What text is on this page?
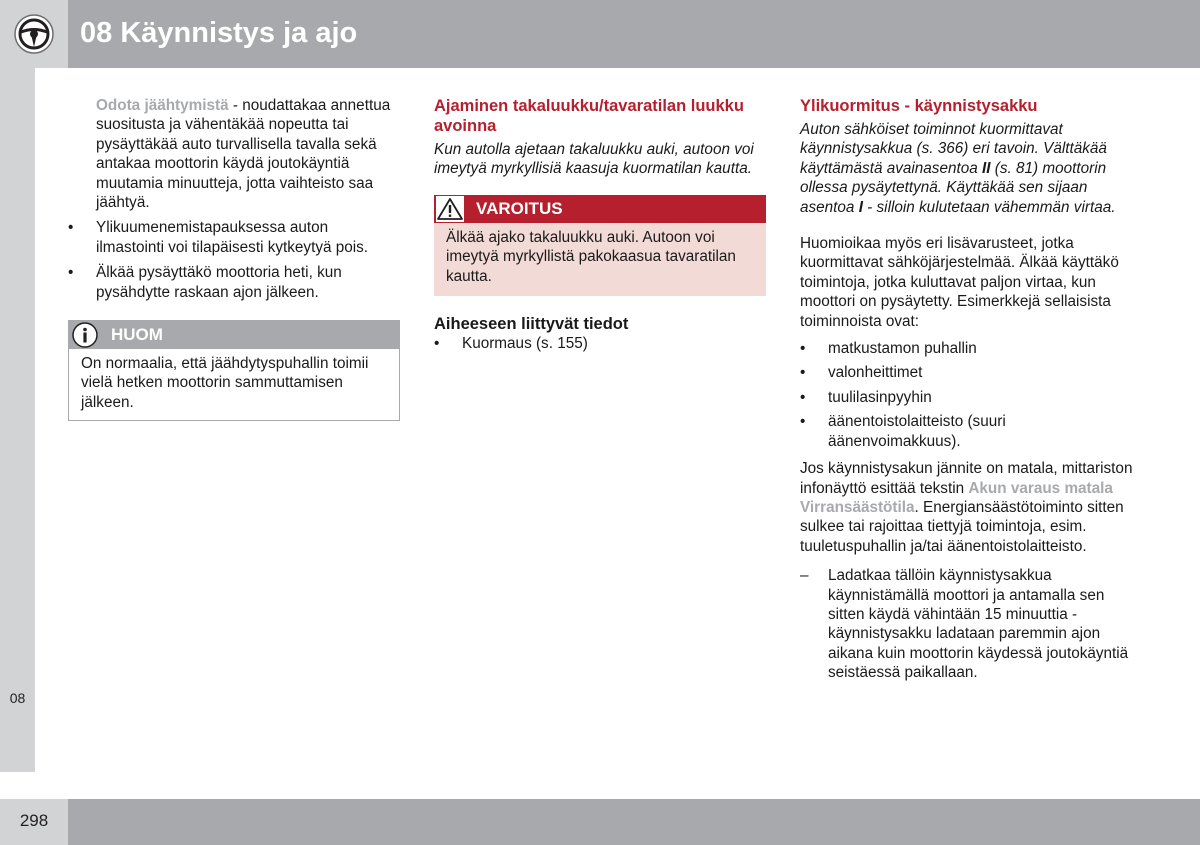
08 Käynnistys ja ajo
08
298

Odota jäähtymistä - noudattakaa annettua suositusta ja vähentäkää nopeutta tai pysäyttäkää auto turvallisella tavalla sekä antakaa moottorin käydä joutokäyntiä muutamia minuutteja, jotta vaihteisto saa jäähtyä.

•	Ylikuumenemistapauksessa auton ilmastointi voi tilapäisesti kytkeytyä pois.
•	Älkää pysäyttäkö moottoria heti, kun pysähdytte raskaan ajon jälkeen.
HUOM
On normaalia, että jäähdytyspuhallin toimii vielä hetken moottorin sammuttamisen jälkeen.

Ajaminen takaluukku/tavaratilan luukku avoinna

Kun autolla ajetaan takaluukku auki, autoon voi imeytyä myrkyllisiä kaasuja kuormatilan kautta.

VAROITUS
Älkää ajako takaluukku auki. Autoon voi imeytyä myrkyllistä pakokaasua tavaratilan kautta.

Aiheeseen liittyvät tiedot

•	Kuormaus (s. 155)

Ylikuormitus - käynnistysakku

Auton sähköiset toiminnot kuormittavat käynnistysakkua (s. 366) eri tavoin. Välttäkää käyttämästä avainasentoa II (s. 81) moottorin ollessa pysäytettynä. Käyttäkää sen sijaan asentoa I - silloin kulutetaan vähemmän virtaa.

Huomioikaa myös eri lisävarusteet, jotka kuormittavat sähköjärjestelmää. Älkää käyttäkö toimintoja, jotka kuluttavat paljon virtaa, kun moottori on pysäytetty. Esimerkkejä sellaisista toiminnoista ovat:

•	matkustamon puhallin
•	valonheittimet
•	tuulilasinpyyhin
•	äänentoistolaitteisto (suuri äänenvoimakkuus).

Jos käynnistysakun jännite on matala, mittariston infonäyttö esittää tekstin Akun varaus matala Virransäästötila. Energiansäästötoiminto sitten sulkee tai rajoittaa tiettyjä toimintoja, esim. tuuletuspuhallin ja/tai äänentoistolaitteisto.

–	Ladatkaa tällöin käynnistysakkua käynnistämällä moottori ja antamalla sen sitten käydä vähintään 15 minuuttia - käynnistysakku ladataan paremmin ajon aikana kuin moottorin käydessä joutokäyntiä seistäessä paikallaan.
